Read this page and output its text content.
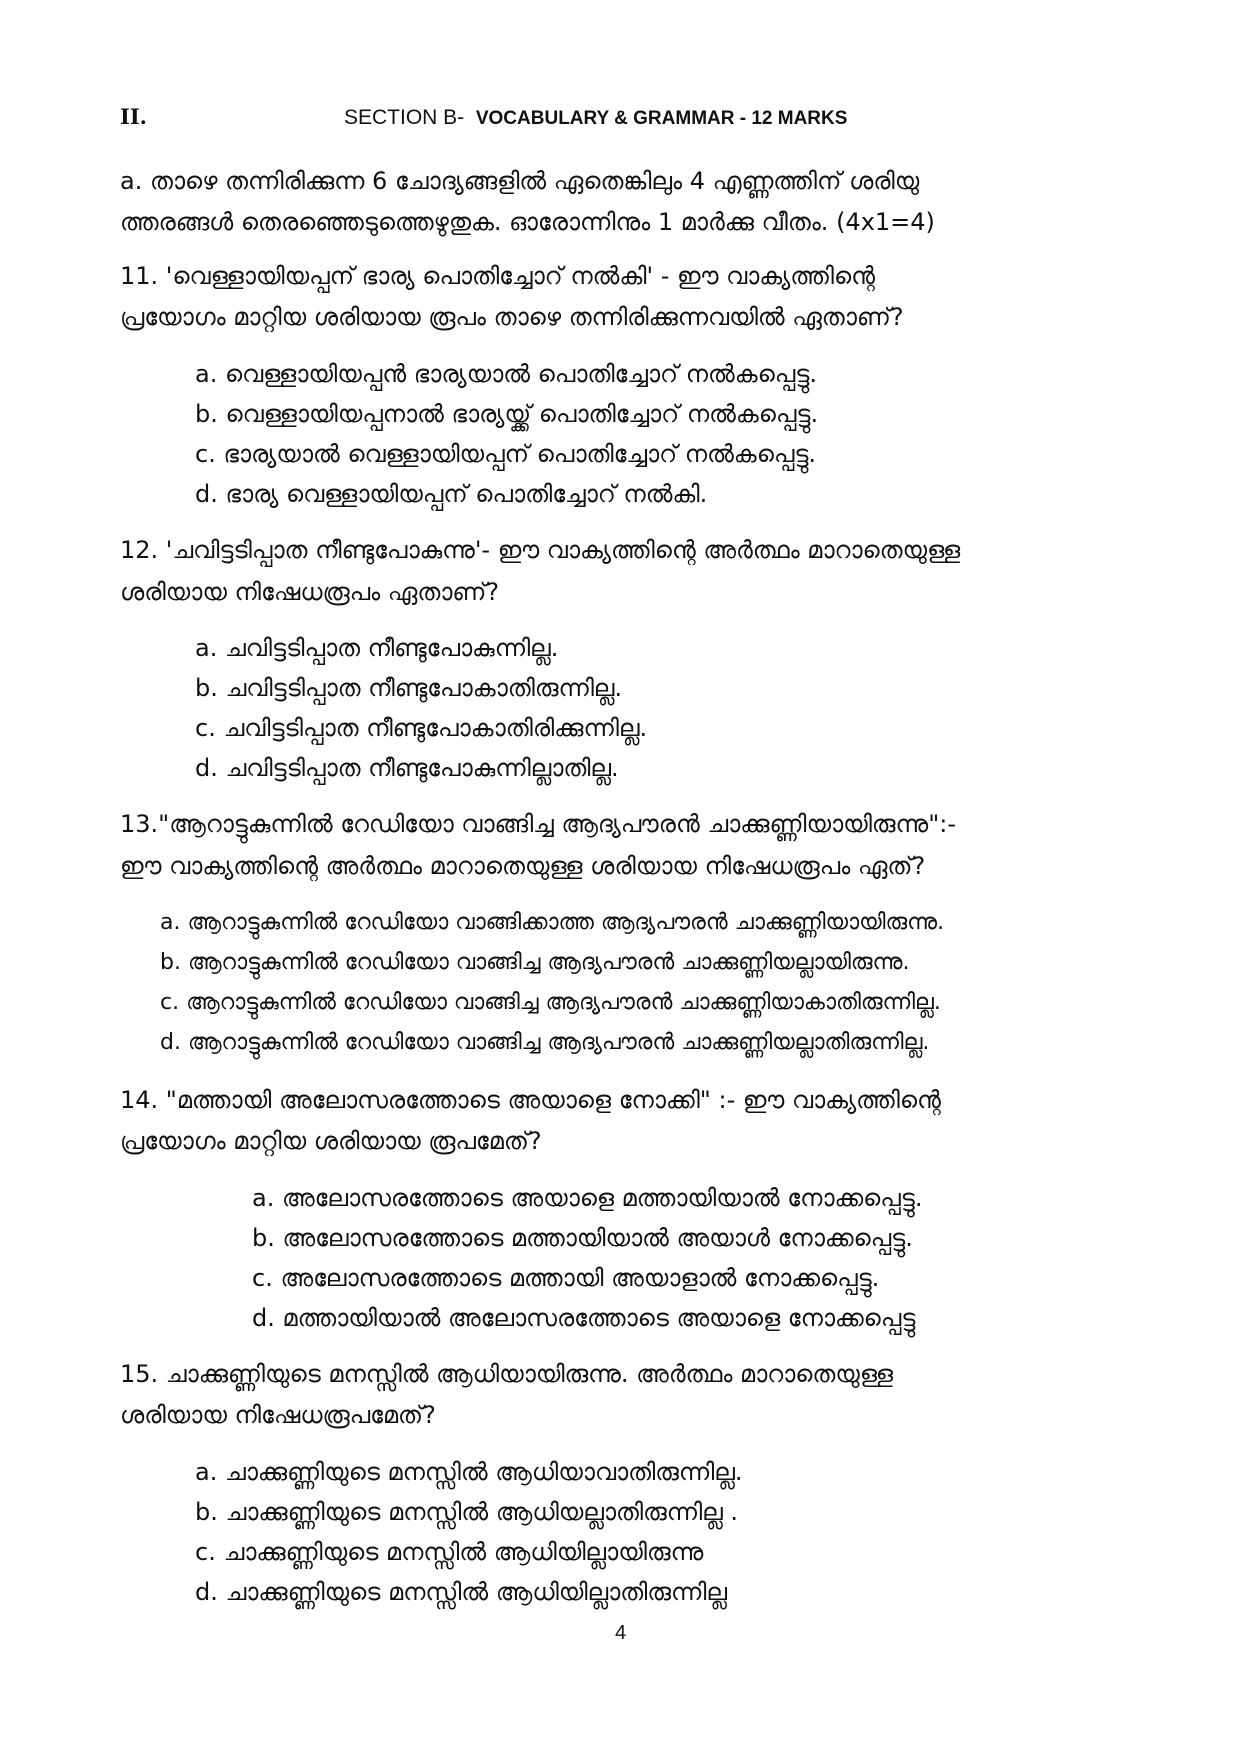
II.	SECTION B- VOCABULARY & GRAMMAR - 12 MARKS
a. താഴെ തന്നിരിക്കുന്ന 6 ചോദ്യങ്ങളിൽ ഏതെങ്കിലും 4 എണ്ണത്തിന് ശരിയു
ത്തരങ്ങൾ തെരഞ്ഞെടുത്തെഴുതുക. ഓരോന്നിനും 1 മാർക്കു വീതം. (4x1=4)
11. 'വെള്ളായിയപ്പന് ഭാര്യ പൊതിച്ചോറ് നൽകി' - ഈ വാക്യത്തിന്റെ
പ്രയോഗം മാറ്റിയ ശരിയായ രൂപം താഴെ തന്നിരിക്കുന്നവയിൽ ഏതാണ്?
a. വെള്ളായിയപ്പൻ ഭാര്യയാൽ പൊതിച്ചോറ് നൽകപ്പെട്ടു.
b. വെള്ളായിയപ്പനാൽ ഭാര്യയ്ക്ക് പൊതിച്ചോറ് നൽകപ്പെട്ടു.
c. ഭാര്യയാൽ വെള്ളായിയപ്പന് പൊതിച്ചോറ് നൽകപ്പെട്ടു.
d. ഭാര്യ വെള്ളായിയപ്പന് പൊതിച്ചോറ് നൽകി.
12. 'ചവിട്ടടിപ്പാത നീണ്ടുപോകുന്നു'- ഈ വാക്യത്തിന്റെ അർത്ഥം മാറാതെയുള്ള
ശരിയായ നിഷേധരൂപം ഏതാണ്?
a. ചവിട്ടടിപ്പാത നീണ്ടുപോകുന്നില്ല.
b. ചവിട്ടടിപ്പാത നീണ്ടുപോകാതിരുന്നില്ല.
c. ചവിട്ടടിപ്പാത നീണ്ടുപോകാതിരിക്കുന്നില്ല.
d. ചവിട്ടടിപ്പാത നീണ്ടുപോകുന്നില്ലാതില്ല.
13."ആറാട്ടുകുന്നിൽ റേഡിയോ വാങ്ങിച്ച ആദ്യപൗരൻ ചാക്കുണ്ണിയായിരുന്നു":-
ഈ വാക്യത്തിന്റെ അർത്ഥം മാറാതെയുള്ള ശരിയായ നിഷേധരൂപം ഏത്?
a. ആറാട്ടുകുന്നിൽ റേഡിയോ വാങ്ങിക്കാത്ത ആദ്യപൗരൻ ചാക്കുണ്ണിയായിരുന്നു.
b. ആറാട്ടുകുന്നിൽ റേഡിയോ വാങ്ങിച്ച ആദ്യപൗരൻ ചാക്കുണ്ണിയല്ലായിരുന്നു.
c. ആറാട്ടുകുന്നിൽ റേഡിയോ വാങ്ങിച്ച ആദ്യപൗരൻ ചാക്കുണ്ണിയാകാതിരുന്നില്ല.
d. ആറാട്ടുകുന്നിൽ റേഡിയോ വാങ്ങിച്ച ആദ്യപൗരൻ ചാക്കുണ്ണിയല്ലാതിരുന്നില്ല.
14. "മത്തായി അലോസരത്തോടെ അയാളെ നോക്കി" :- ഈ വാക്യത്തിന്റെ
പ്രയോഗം മാറ്റിയ ശരിയായ രൂപമേത്?
a. അലോസരത്തോടെ അയാളെ മത്തായിയാൽ നോക്കപ്പെട്ടു.
b. അലോസരത്തോടെ മത്തായിയാൽ അയാൾ നോക്കപ്പെട്ടു.
c. അലോസരത്തോടെ മത്തായി അയാളാൽ നോക്കപ്പെട്ടു.
d. മത്തായിയാൽ അലോസരത്തോടെ അയാളെ നോക്കപ്പെട്ടു
15. ചാക്കുണ്ണിയുടെ മനസ്സിൽ ആധിയായിരുന്നു. അർത്ഥം മാറാതെയുള്ള
ശരിയായ നിഷേധരൂപമേത്?
a. ചാക്കുണ്ണിയുടെ മനസ്സിൽ ആധിയാവാതിരുന്നില്ല.
b. ചാക്കുണ്ണിയുടെ മനസ്സിൽ ആധിയല്ലാതിരുന്നില്ല .
c. ചാക്കുണ്ണിയുടെ മനസ്സിൽ ആധിയില്ലായിരുന്നു
d. ചാക്കുണ്ണിയുടെ മനസ്സിൽ ആധിയില്ലാതിരുന്നില്ല
4
